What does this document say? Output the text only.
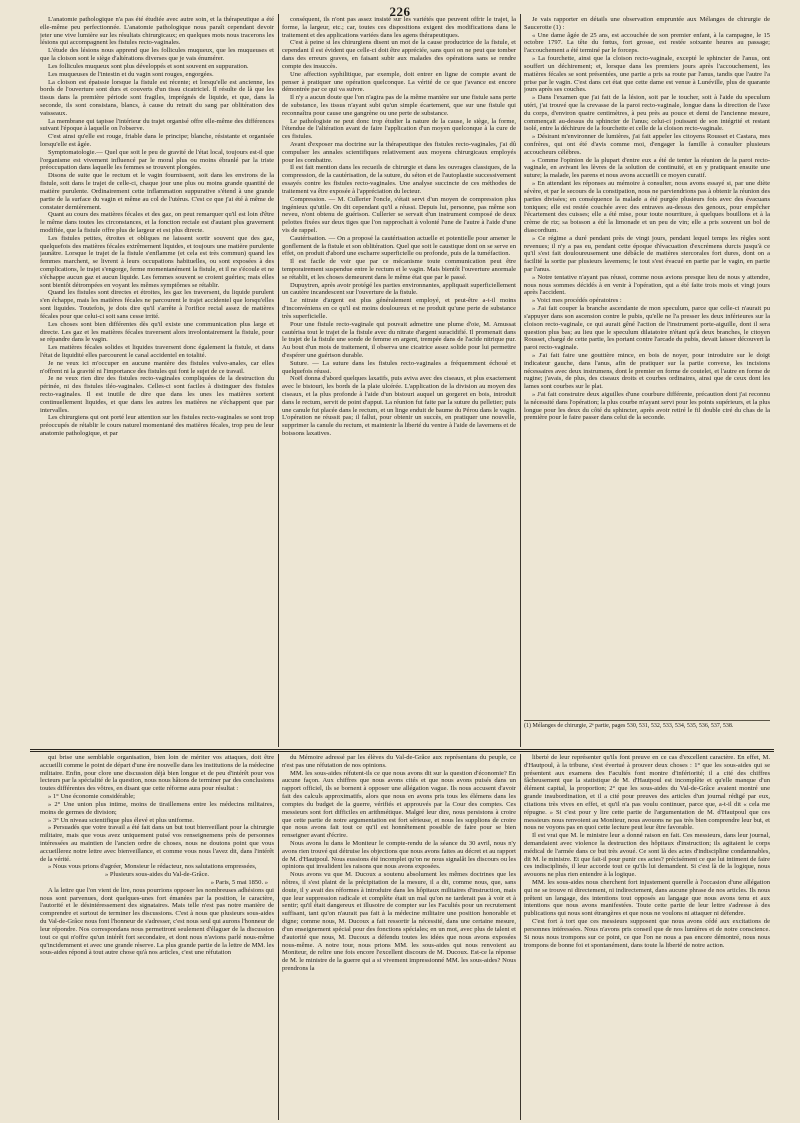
226

L'anatomie pathologique n'a pas été étudiée avec autre soin, et la thérapeutique a été elle-même peu perfectionnée. L'anatomie pathologique nous paraît cependant devoir jeter une vive lumière sur les résultats chirurgicaux; en quelques mots nous tracerons les lésions qui accompagnent les fistules recto-vaginales.

L'étude des lésions nous apprend que les follicules muqueux, que les muqueuses et que la cloison sont le siège d'altérations diverses que je vais énumérer.

Les follicules muqueux sont plus développés et sont souvent en suppuration.

Les muqueuses de l'intestin et du vagin sont rouges, engorgées.

La cloison est épaissie lorsque la fistule est récente; et lorsqu'elle est ancienne, les bords de l'ouverture sont durs et couverts d'un tissu cicatriciel. Il résulte de là que les tissus dans la première période sont fragiles, imprégnés de liquide, et que, dans la seconde, ils sont consistans, blancs, à cause du retrait du sang par oblitération des vaisseaux.

La membrane qui tapisse l'intérieur du trajet organisé offre elle-même des différences suivant l'époque à laquelle on l'observe.

C'est ainsi qu'elle est rouge, friable dans le principe; blanche, résistante et organisée lorsqu'elle est âgée.

Symptomatologie.— Quel que soit le peu de gravité de l'état local, toujours est-il que l'organisme est vivement influencé par le moral plus ou moins ébranlé par la triste préoccupation dans laquelle les femmes se trouvent plongées.

Disons de suite que le rectum et le vagin fournissent, soit dans les environs de la fistule, soit dans le trajet de celle-ci, chaque jour une plus ou moins grande quantité de matière purulente. Ordinairement cette inflammation suppurative s'étend à une grande partie de la surface du vagin et même au col de l'utérus. C'est ce que j'ai été à même de constater dernièrement.

Quant au cours des matières fécales et des gaz, on peut remarquer qu'il est loin d'être le même dans toutes les circonstances, et la fonction rectale est d'autant plus gravement modifiée, que la fistule offre plus de largeur et est plus directe.

Les fistules petites, étroites et obliques ne laissent sortir souvent que des gaz, quelquefois des matières fécales extrêmement liquides, et toujours une matière purulente jaunâtre. Lorsque le trajet de la fistule s'enflamme (et cela est très commun) quand les femmes marchent, se livrent à leurs occupations habituelles, ou sont exposées à des complications, le trajet s'engorge, ferme momentanément la fistule, et il ne s'écoule et ne s'échappe aucun gaz et aucun liquide. Les femmes souvent se croient guéries; mais elles sont bientôt détrompées en voyant les mêmes symptômes se rétablir.

Quand les fistules sont directes et étroites, les gaz les traversent, du liquide purulent s'en échappe, mais les matières fécales ne parcourent le trajet accidentel que lorsqu'elles sont liquides. Toutefois, je dois dire qu'il s'arrête à l'orifice rectal assez de matières fécales pour que celui-ci soit sans cesse irrité.

Les choses sont bien différentes dès qu'il existe une communication plus large et directe. Les gaz et les matières fécales traversent alors involontairement la fistule, pour se répandre dans le vagin.

Les matières fécales solides et liquides traversent donc également la fistule, et dans l'état de liquidité elles parcourent le canal accidentel en totalité.

Je ne veux ici m'occuper en aucune manière des fistules vulvo-anales, car elles n'offrent ni la gravité ni l'importance des fistules qui font le sujet de ce travail.

Je ne veux rien dire des fistules recto-vaginales compliquées de la destruction du périnée, ni des fistules iléo-vaginales. Celles-ci sont faciles à distinguer des fistules recto-vaginales. Il est inutile de dire que dans les unes les matières sortent continuellement liquides, et que dans les autres les matières ne s'échappent que par intervalles.

Les chirurgiens qui ont porté leur attention sur les fistules recto-vaginales se sont trop préoccupés de rétablir le cours naturel momentané des matières fécales, trop peu de leur anatomie pathologique, et par

conséquent, ils n'ont pas assez insisté sur les variétés que peuvent offrir le trajet, la forme, la largeur, etc.; car, toutes ces dispositions exigent des modifications dans le traitement et des applications variées dans les agens thérapeutiques.

C'est à peine si les chirurgiens disent un mot de la cause productrice de la fistule, et cependant il est évident que celle-ci doit être appréciée, sans quoi on ne peut que tomber dans des erreurs graves, en faisant subir aux malades des opérations sans se rendre compte des insuccès.

Une affection syphilitique, par exemple, doit entrer en ligne de compte avant de penser à pratiquer une opération quelconque. La vérité de ce que j'avance est encore démontrée par ce qui va suivre.

Il n'y a aucun doute que l'on n'agira pas de la même manière sur une fistule sans perte de substance, les tissus n'ayant subi qu'un simple écartement, que sur une fistule qui reconnaîtra pour cause une gangrène ou une perte de substance.

Le pathologiste ne peut donc trop étudier la nature de la cause, le siège, la forme, l'étendue de l'altération avant de faire l'application d'un moyen quelconque à la cure de ces fistules.

Avant d'exposer ma doctrine sur la thérapeutique des fistules recto-vaginales, j'ai dû compulser les annales scientifiques relativement aux moyens chirurgicaux employés pour les combattre.

Il est fait mention dans les recueils de chirurgie et dans les ouvrages classiques, de la compression, de la cautérisation, de la suture, du séton et de l'autoplastie successivement essayés contre les fistules recto-vaginales. Une analyse succincte de ces méthodes de traitement va être exposée à l'appréciation du lecteur.

Compression. — M. Cullerier l'oncle, s'était servi d'un moyen de compression plus ingénieux qu'utile. On dit cependant qu'il a réussi. Depuis lui, personne, pas même son neveu, n'ont obtenu de guérison. Cullerier se servait d'un instrument composé de deux pelottes fixées sur deux tiges que l'on rapprochait à volonté l'une de l'autre à l'aide d'une vis de rappel.

Cautérisation. — On a proposé la cautérisation actuelle et potentielle pour amener le gonflement de la fistule et son oblitération. Quel que soit le caustique dont on se serve en effet, on produit d'abord une escharre superficielle ou profonde, puis de la tuméfaction.

Il est facile de voir que par ce mécanisme toute communication peut être temporairement suspendue entre le rectum et le vagin. Mais bientôt l'ouverture anormale se rétablit, et les choses demeurent dans le même état que par le passé.

Dupuytren, après avoir protégé les parties environnantes, appliquait superficiellement un cautère incandescent sur l'ouverture de la fistule.

Le nitrate d'argent est plus généralement employé, et peut-être a-t-il moins d'inconvéniens en ce qu'il est moins douloureux et ne produit qu'une perte de substance très superficielle.

Pour une fistule recto-vaginale qui pouvait admettre une plume d'oie, M. Amussat cautérisa tout le trajet de la fistule avec du nitrate d'argent suracidifié. Il promenait dans le trajet de la fistule une sonde de femme en argent, trempée dans de l'acide nitrique pur. Au bout d'un mois de traitement, il observa une cicatrice assez solide pour lui permettre d'espérer une guérison durable.

Suture. — La suture dans les fistules recto-vaginales a fréquemment échoué et quelquefois réussi.

Noël donna d'abord quelques laxatifs, puis aviva avec des ciseaux, et plus exactement avec le bistouri, les bords de la plaie ulcérée. L'application de la division au moyen des ciseaux, et la plus profonde à l'aide d'un bistouri auquel un gorgeret en bois, introduit dans le rectum, servit de point d'appui. La réunion fut faite par la suture du pelletier; puis une canule fut placée dans le rectum, et un linge enduit de baume du Pérou dans le vagin. L'opération ne réussit pas; il fallut, pour obtenir un succès, en pratiquer une nouvelle, supprimer la canule du rectum, et maintenir la liberté du ventre à l'aide de lavemens et de boissons laxatives.

Je vais rapporter en détails une observation empruntée aux Mélanges de chirurgie de Saucerotte (1) :

« Une dame âgée de 25 ans, est accouchée de son premier enfant, à la campagne, le 15 octobre 1797. La tête du fœtus, fort grosse, est restée soixante heures au passage; l'accouchement a été terminé par le forceps.

» La fourchette, ainsi que la cloison recto-vaginale, excepté le sphincter de l'anus, ont souffert un déchirement; et, lorsque dans les premiers jours après l'accouchement, les matières fécales se sont présentées, une partie a pris sa route par l'anus, tandis que l'autre l'a prise par le vagin. C'est dans cet état que cette dame est venue à Lunéville, plus de quarante jours après ses couches.

» Dans l'examen que j'ai fait de la lésion, soit par le toucher, soit à l'aide du speculum utéri, j'ai trouvé que la crevasse de la paroi recto-vaginale, longue dans la direction de l'axe du corps, d'environ quatre centimètres, à peu près au pouce et demi de l'ancienne mesure, commençait au-dessus du sphincter de l'anus; celui-ci jouissant de son intégrité et restant isolé, entre la déchirure de la fourchette et celle de la cloison recto-vaginale.

» Désirant m'environner de lumières, j'ai fait appeler les citoyens Rousset et Castara, mes confrères, qui ont été d'avis comme moi, d'engager la famille à consulter plusieurs accoucheurs célèbres.

» Comme l'opinion de la plupart d'entre eux a été de tenter la réunion de la paroi recto-vaginale, en avivant les lèvres de la solution de continuité, et en y pratiquant ensuite une suture; la malade, les parens et nous avons accueilli ce moyen curatif.

» En attendant les réponses au mémoire à consulter, nous avons essayé si, par une diète sévère, et par le secours de la constipation, nous ne parviendrions pas à obtenir la réunion des parties divisées; en conséquence la malade a été purgée plusieurs fois avec des évacuans toniques; elle est restée couchée avec des entraves au-dessus des genoux, pour empêcher l'écartement des cuisses; elle a été mise, pour toute nourriture, à quelques bouillons et à la crème de riz; sa boisson a été la limonade et un peu de vin; elle a pris souvent un bol de diascordium.

» Ce régime a duré pendant près de vingt jours, pendant lequel temps les règles sont revenues; il n'y a pas eu, pendant cette époque d'évacuation d'excrémens durcis jusqu'à ce qu'il s'est fait douloureusement une débâcle de matières stercorales fort dures, dont on a facilité la sortie par plusieurs lavemens; le tout s'est évacué en partie par le vagin, en partie par l'anus.

» Notre tentative n'ayant pas réussi, comme nous avions presque lieu de nous y attendre, nous nous sommes décidés à en venir à l'opération, qui a été faite trois mois et vingt jours après l'accident.

» Voici mes procédés opératoires :

» J'ai fait couper la branche ascendante de mon speculum, parce que celle-ci n'aurait pu s'appuyer dans son ascension contre le pubis, qu'elle ne l'a presser les deux inférieures sur la cloison recto-vaginale, ce qui aurait gêné l'action de l'instrument porte-aiguille, dont il sera question plus bas; au lieu que le speculum dilatatoire n'étant qu'à deux branches, le citoyen Rousset, chargé de cette partie, les portant contre l'arcade du pubis, devait laisser découvert la paroi recto-vaginale.

» J'ai fait faire une gouttière mince, en bois de noyer, pour introduire sur le doigt indicateur gauche, dans l'anus, afin de pratiquer sur la partie convexe, les incisions nécessaires avec deux instrumens, dont le premier en forme de coutelet, et l'autre en forme de rugine; j'avais, de plus, des ciseaux droits et courbes ordinaires, ainsi que de ceux dont les lames sont courbes sur le plat.

» J'ai fait construire deux aiguilles d'une courbure différente, précaution dont j'ai reconnu la nécessité dans l'opération; la plus courbe m'ayant servi pour les points supérieurs, et la plus longue pour les deux du côté du sphincter, après avoir retiré le fil double ciré du chas de la première pour le faire passer dans celui de la seconde.

(1) Mélanges de chirurgie, 2ᵉ partie, pages 530, 531, 532, 533, 534, 535, 536, 537, 538.

qui brise une semblable organisation, bien loin de mériter vos attaques, doit être accueilli comme le point de départ d'une ère nouvelle dans les institutions de la médecine militaire. Enfin, pour clore une discussion déjà bien longue et de peu d'intérêt pour vos lecteurs par la spécialité de la question, nous nous hâtons de terminer par des conclusions toutes différentes des vôtres, en disant que cette réforme aura pour résultat :

» 1° Une économie considérable;

» 2° Une union plus intime, moins de tiraillemens entre les médecins militaires, moins de germes de division;

» 3° Un niveau scientifique plus élevé et plus uniforme.

» Persuadés que votre travail a été fait dans un but tout bienveillant pour la chirurgie militaire, mais que vous avez uniquement puisé vos renseignemens près de personnes intéressées au maintien de l'ancien ordre de choses, nous ne doutons point que vous accueillerez notre lettre avec bienveillance, et comme vous nous l'avez dit, dans l'intérêt de la vérité.

» Nous vous prions d'agréer, Monsieur le rédacteur, nos salutations empressées,

» Plusieurs sous-aides du Val-de-Grâce.

» Paris, 5 mai 1850. »

A la lettre que l'on vient de lire, nous pourrions opposer les nombreuses adhésions qui nous sont parvenues, dont quelques-unes fort émanées par la position, le caractère, l'autorité et le désintéressement des signataires. Mais telle n'est pas notre manière de comprendre et surtout de terminer les discussions. C'est à nous que plusieurs sous-aides du Val-de-Grâce nous font l'honneur de s'adresser, c'est nous seul qui aurons l'honneur de leur répondre. Nos correspondans nous permettront seulement d'élaguer de la discussion tout ce qui n'offre qu'un intérêt fort secondaire, et dont nous n'avions parlé nous-même qu'incidemment et avec une grande réserve. La plus grande partie de la lettre de MM. les sous-aides répond à tout autre chose qu'à nos articles, c'est une réfutation

du Mémoire adressé par les élèves du Val-de-Grâce aux représentans du peuple, ce n'est pas une réfutation de nos opinions.

MM. les sous-aides réfutent-ils ce que nous avons dit sur la question d'économie? En aucune façon. Aux chiffres que nous avons cités et que nous avons puisés dans un rapport officiel, ils se bornent à opposer une allégation vague. Ils nous accusent d'avoir fait des calculs approximatifs, alors que nous en avons pris tous les élémens dans les comptes du budget de la guerre, vérifiés et approuvés par la Cour des comptes. Ces messieurs sont fort difficiles en arithmétique. Malgré leur dire, nous persistons à croire que cette partie de notre argumentation est fort sérieuse, et nous les supplions de croire que nous avons fait tout ce qu'il est honnêtement possible de faire pour se bien renseigner avant d'écrire.

Nous avons lu dans le Moniteur le compte-rendu de la séance du 30 avril, nous n'y avons rien trouvé qui détruise les objections que nous avons faites au décret et au rapport de M. d'Hautpoul. Nous eussions été incomplet qu'on ne nous signalât les discours ou les opinions qui invalident les raisons que nous avons exposées.

Nous avons vu que M. Ducoux a soutenu absolument les mêmes doctrines que les nôtres, il s'est plaint de la précipitation de la mesure, il a dit, comme nous, que, sans doute, il y avait des réformes à introduire dans les hôpitaux militaires d'instruction, mais que leur suppression radicale et complète était un mal qu'on ne tarderait pas à voir et à sentir; qu'il était dangereux et illusoire de compter sur les Facultés pour un recrutement suffisant, tant qu'on n'aurait pas fait à la médecine militaire une position honorable et digne; comme nous, M. Ducoux a fait ressortir la nécessité, dans une certaine mesure, d'un enseignement spécial pour des fonctions spéciales; en un mot, avec plus de talent et d'autorité que nous, M. Ducoux a défendu toutes les idées que nous avons exposées nous-même. A notre tour, nous prions MM. les sous-aides qui nous renvoient au Moniteur, de relire une fois encore l'excellent discours de M. Ducoux. Est-ce la réponse de M. le ministre de la guerre qui a si vivement impressionné MM. les sous-aides? Nous prendrons la

liberté de leur représenter qu'ils font preuve en ce cas d'excellent caractère. En effet, M. d'Hautpoul, à la tribune, s'est évertué à prouver deux choses : 1° que les sous-aides qui se présentent aux examens des Facultés font montre d'infériorité; il a cité des chiffres fâcheusement que la statistique de M. d'Hautpoul est incomplète et qu'elle manque d'un élément capital, la proportion; 2° que les sous-aides du Val-de-Grâce avaient montré une grande insubordination, et il a cité pour preuves des articles d'un journal rédigé par eux, citations très vives en effet, et qu'il n'a pas voulu continuer, parce que, a-t-il dit « cela me répugne. » Si c'est pour y lire cette partie de l'argumentation de M. d'Hautpoul que ces messieurs nous renvoient au Moniteur, nous avouons ne pas très bien comprendre leur but, et nous ne voyons pas en quoi cette lecture peut leur être favorable.

Il est vrai que M. le ministre leur a donné raison en fait. Ces messieurs, dans leur journal, demandaient avec violence la destruction des hôpitaux d'instruction; ils agitaient le corps médical de l'armée dans ce but très avoué. Ce sont là des actes d'indiscipline condamnables, dit M. le ministre. Et que fait-il pour punir ces actes? précisément ce que lui intiment de faire ces indisciplinés, il leur accorde tout ce qu'ils lui demandent. Si c'est là de la logique, nous avouons ne plus rien entendre à la logique.

MM. les sous-aides nous cherchent fort injustement querelle à l'occasion d'une allégation qui ne se trouve ni directement, ni indirectement, dans aucune phrase de nos articles. Ils nous prêtent un langage, des intentions tout opposés au langage que nous avons tenu et aux intentions que nous avons manifestées. Toute cette partie de leur lettre s'adresse à des publications qui nous sont étrangères et que nous ne voulons ni attaquer ni défendre.

C'est fort à tort que ces messieurs supposent que nous avons cédé aux excitations de personnes intéressées. Nous n'avons pris conseil que de nos lumières et de notre conscience. Si nous nous trompons sur ce point, ce que l'on ne nous a pas encore démontré, nous nous trompons de bonne foi et spontanément, dans toute la liberté de notre action.
